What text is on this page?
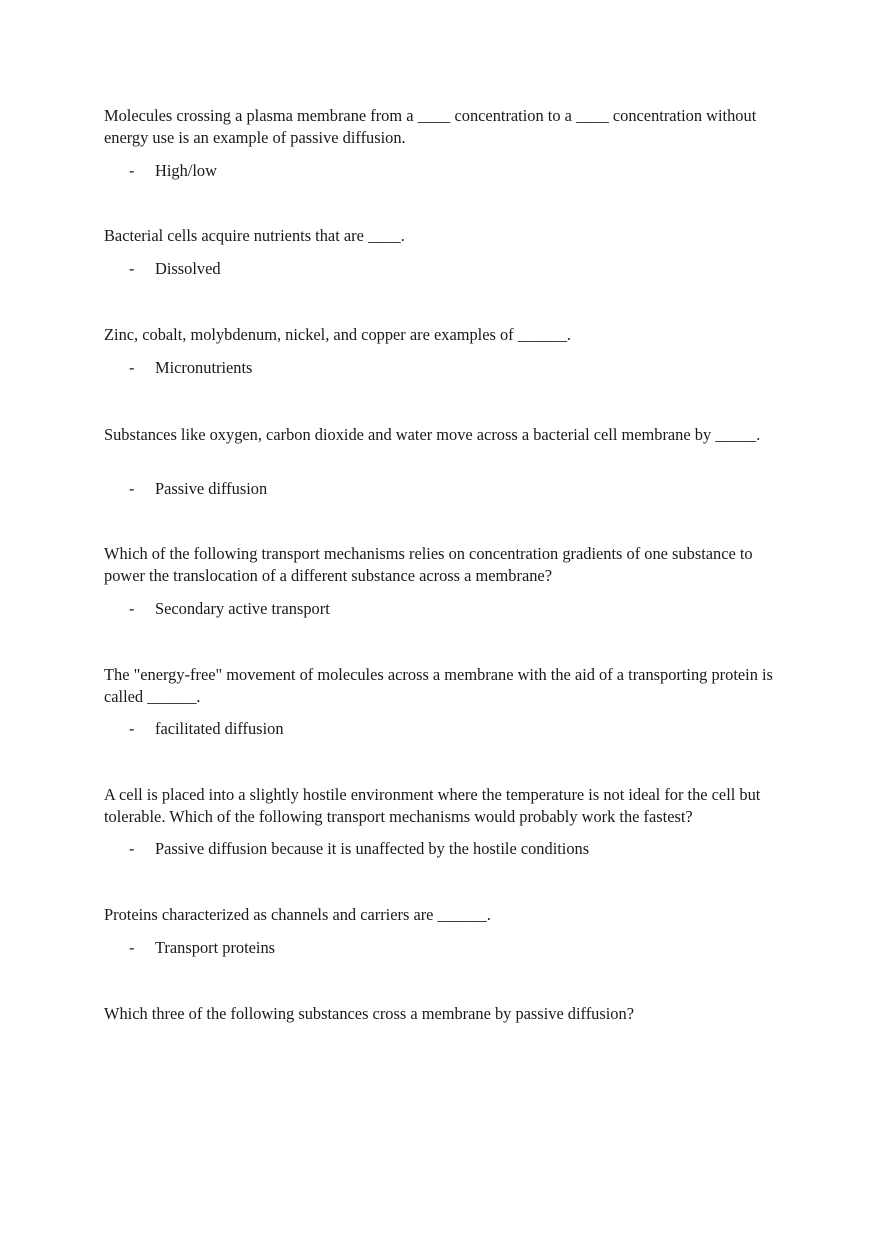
Molecules crossing a plasma membrane from a ____ concentration to a ____ concentration without energy use is an example of passive diffusion.

- High/low

Bacterial cells acquire nutrients that are ____.

- Dissolved

Zinc, cobalt, molybdenum, nickel, and copper are examples of ______.

- Micronutrients

Substances like oxygen, carbon dioxide and water move across a bacterial cell membrane by _____.

- Passive diffusion

Which of the following transport mechanisms relies on concentration gradients of one substance to power the translocation of a different substance across a membrane?

- Secondary active transport

The "energy-free" movement of molecules across a membrane with the aid of a transporting protein is called ______.

- facilitated diffusion

A cell is placed into a slightly hostile environment where the temperature is not ideal for the cell but tolerable. Which of the following transport mechanisms would probably work the fastest?

- Passive diffusion because it is unaffected by the hostile conditions

Proteins characterized as channels and carriers are ______.

- Transport proteins

Which three of the following substances cross a membrane by passive diffusion?
